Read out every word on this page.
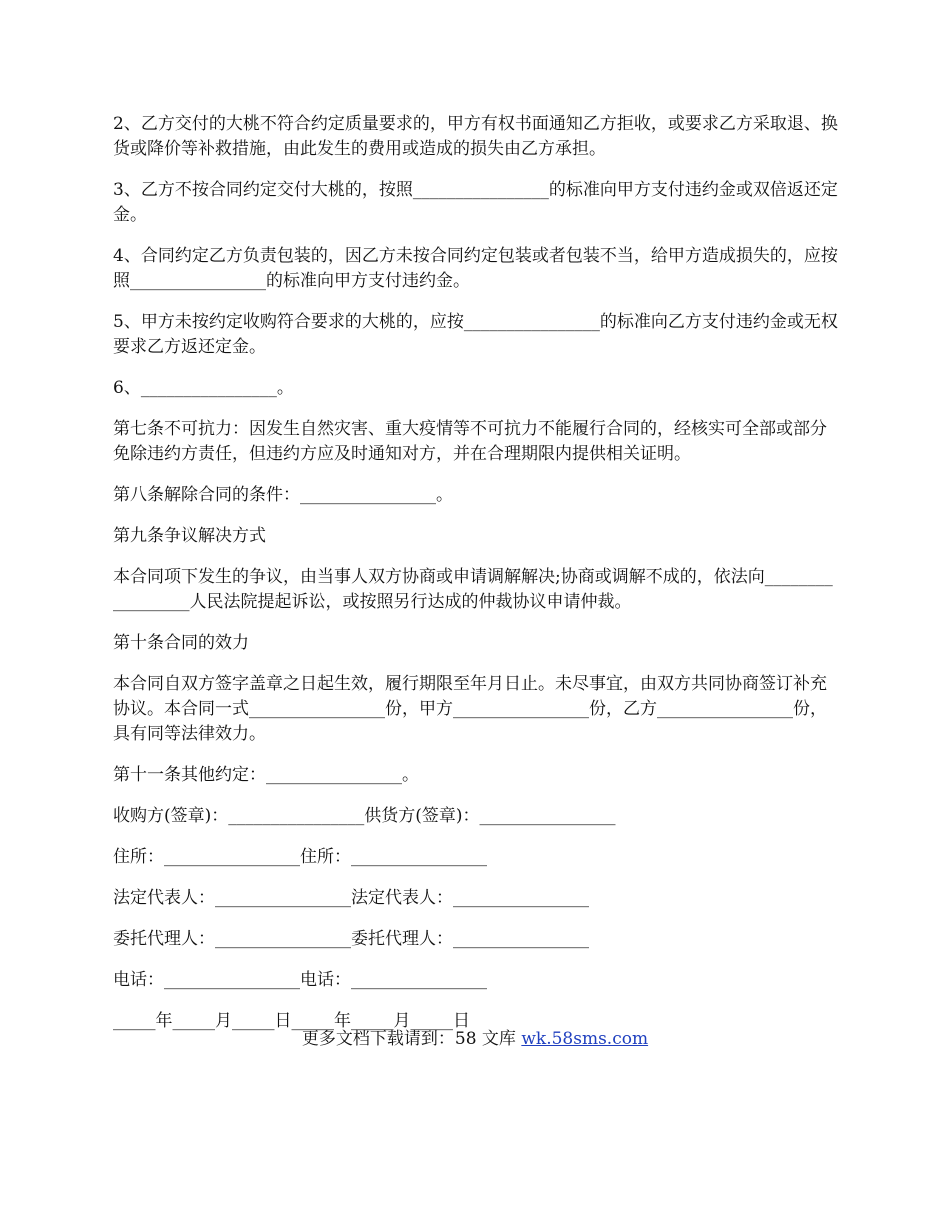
2、乙方交付的大桃不符合约定质量要求的，甲方有权书面通知乙方拒收，或要求乙方采取退、换货或降价等补救措施，由此发生的费用或造成的损失由乙方承担。

3、乙方不按合同约定交付大桃的，按照________________的标准向甲方支付违约金或双倍返还定金。

4、合同约定乙方负责包装的，因乙方未按合同约定包装或者包装不当，给甲方造成损失的，应按照________________的标准向甲方支付违约金。

5、甲方未按约定收购符合要求的大桃的，应按________________的标准向乙方支付违约金或无权要求乙方返还定金。

6、________________。

第七条不可抗力：因发生自然灾害、重大疫情等不可抗力不能履行合同的，经核实可全部或部分免除违约方责任，但违约方应及时通知对方，并在合理期限内提供相关证明。

第八条解除合同的条件：________________。

第九条争议解决方式

本合同项下发生的争议，由当事人双方协商或申请调解解决;协商或调解不成的，依法向_________________人民法院提起诉讼，或按照另行达成的仲裁协议申请仲裁。

第十条合同的效力

本合同自双方签字盖章之日起生效，履行期限至年月日止。未尽事宜，由双方共同协商签订补充协议。本合同一式________________份，甲方________________份，乙方________________份，具有同等法律效力。

第十一条其他约定：________________。

收购方(签章)：________________供货方(签章)：________________

住所：________________住所：________________

法定代表人：________________法定代表人：________________

委托代理人：________________委托代理人：________________

电话：________________电话：________________

_____年_____月_____日_____年_____月_____日

更多文档下载请到：58 文库 wk.58sms.com
